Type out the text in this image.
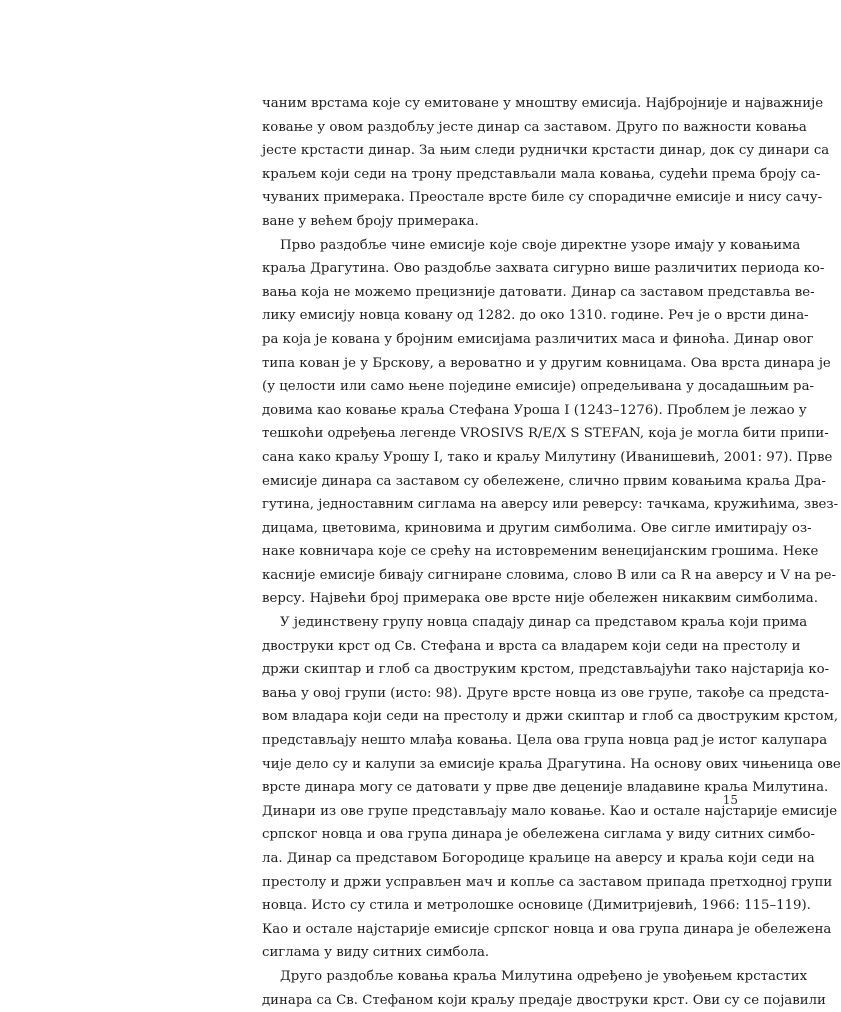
чаним врстама које су емитоване у мноштву емисија. Најбројније и најважније
ковање у овом раздобљу јесте динар са заставом. Друго по важности ковања
јесте крстасти динар. За њим следи руднички крстасти динар, док су динари са
краљем који седи на трону представљали мала ковања, судећи према броју са-
чуваних примерака. Преостале врсте биле су спорадичне емисије и нису сачу-
ване у већем броју примерака.
Прво раздобље чине емисије које своје директне узоре имају у ковањима
краља Драгутина. Ово раздобље захвата сигурно више различитих периода ко-
вања која не можемо прецизније датовати. Динар са заставом представља ве-
лику емисију новца ковану од 1282. до око 1310. године. Реч је о врсти дина-
ра која је кована у бројним емисијама различитих маса и финоћа. Динар овог
типа кован је у Брскову, а вероватно и у другим ковницама. Ова врста динара је
(у целости или само њене поједине емисије) опредељивана у досадашњим ра-
довима као ковање краља Стефана Уроша I (1243–1276). Проблем је лежао у
тешкоћи одређења легенде VROSIVS R/E/X S STEFAN, која је могла бити припи-
сана како краљу Урошу I, тако и краљу Милутину (Иванишевић, 2001: 97). Прве
емисије динара са заставом су обележене, слично првим ковањима краља Дра-
гутина, једноставним сиглама на аверсу или реверсу: тачкама, кружићима, звез-
дицама, цветовима, криновима и другим симболима. Ове сигле имитирају оз-
наке ковничара које се срећу на истовременим венецијанским грошима. Неке
касније емисије бивају сигниране словима, слово B или са R на аверсу и V на ре-
версу. Највећи број примерака ове врсте није обележен никаквим симболима.
У јединствену групу новца спадају динар са представом краља који прима
двоструки крст од Св. Стефана и врста са владарем који седи на престолу и
држи скиптар и глоб са двоструким крстом, представљајући тако најстарија ко-
вања у овој групи (исто: 98). Друге врсте новца из ове групе, такође са предста-
вом владара који седи на престолу и држи скиптар и глоб са двоструким крстом,
представљају нешто млађа ковања. Цела ова група новца рад је истог калупара
чије дело су и калупи за емисије краља Драгутина. На основу ових чињеница ове
врсте динара могу се датовати у прве две деценије владавине краља Милутина.
Динари из ове групе представљају мало ковање. Као и остале најстарије емисије
српског новца и ова група динара је обележена сиглама у виду ситних симбо-
ла. Динар са представом Богородице краљице на аверсу и краља који седи на
престолу и држи усправљен мач и копље са заставом припада претходној групи
новца. Исто су стила и метролошке основице (Димитријевић, 1966: 115–119).
Као и остале најстарије емисије српског новца и ова група динара је обележена
сиглама у виду ситних симбола.
Друго раздобље ковања краља Милутина одређено је увођењем крстастих
динара са Св. Стефаном који краљу предаје двоструки крст. Ови су се појавили
15
